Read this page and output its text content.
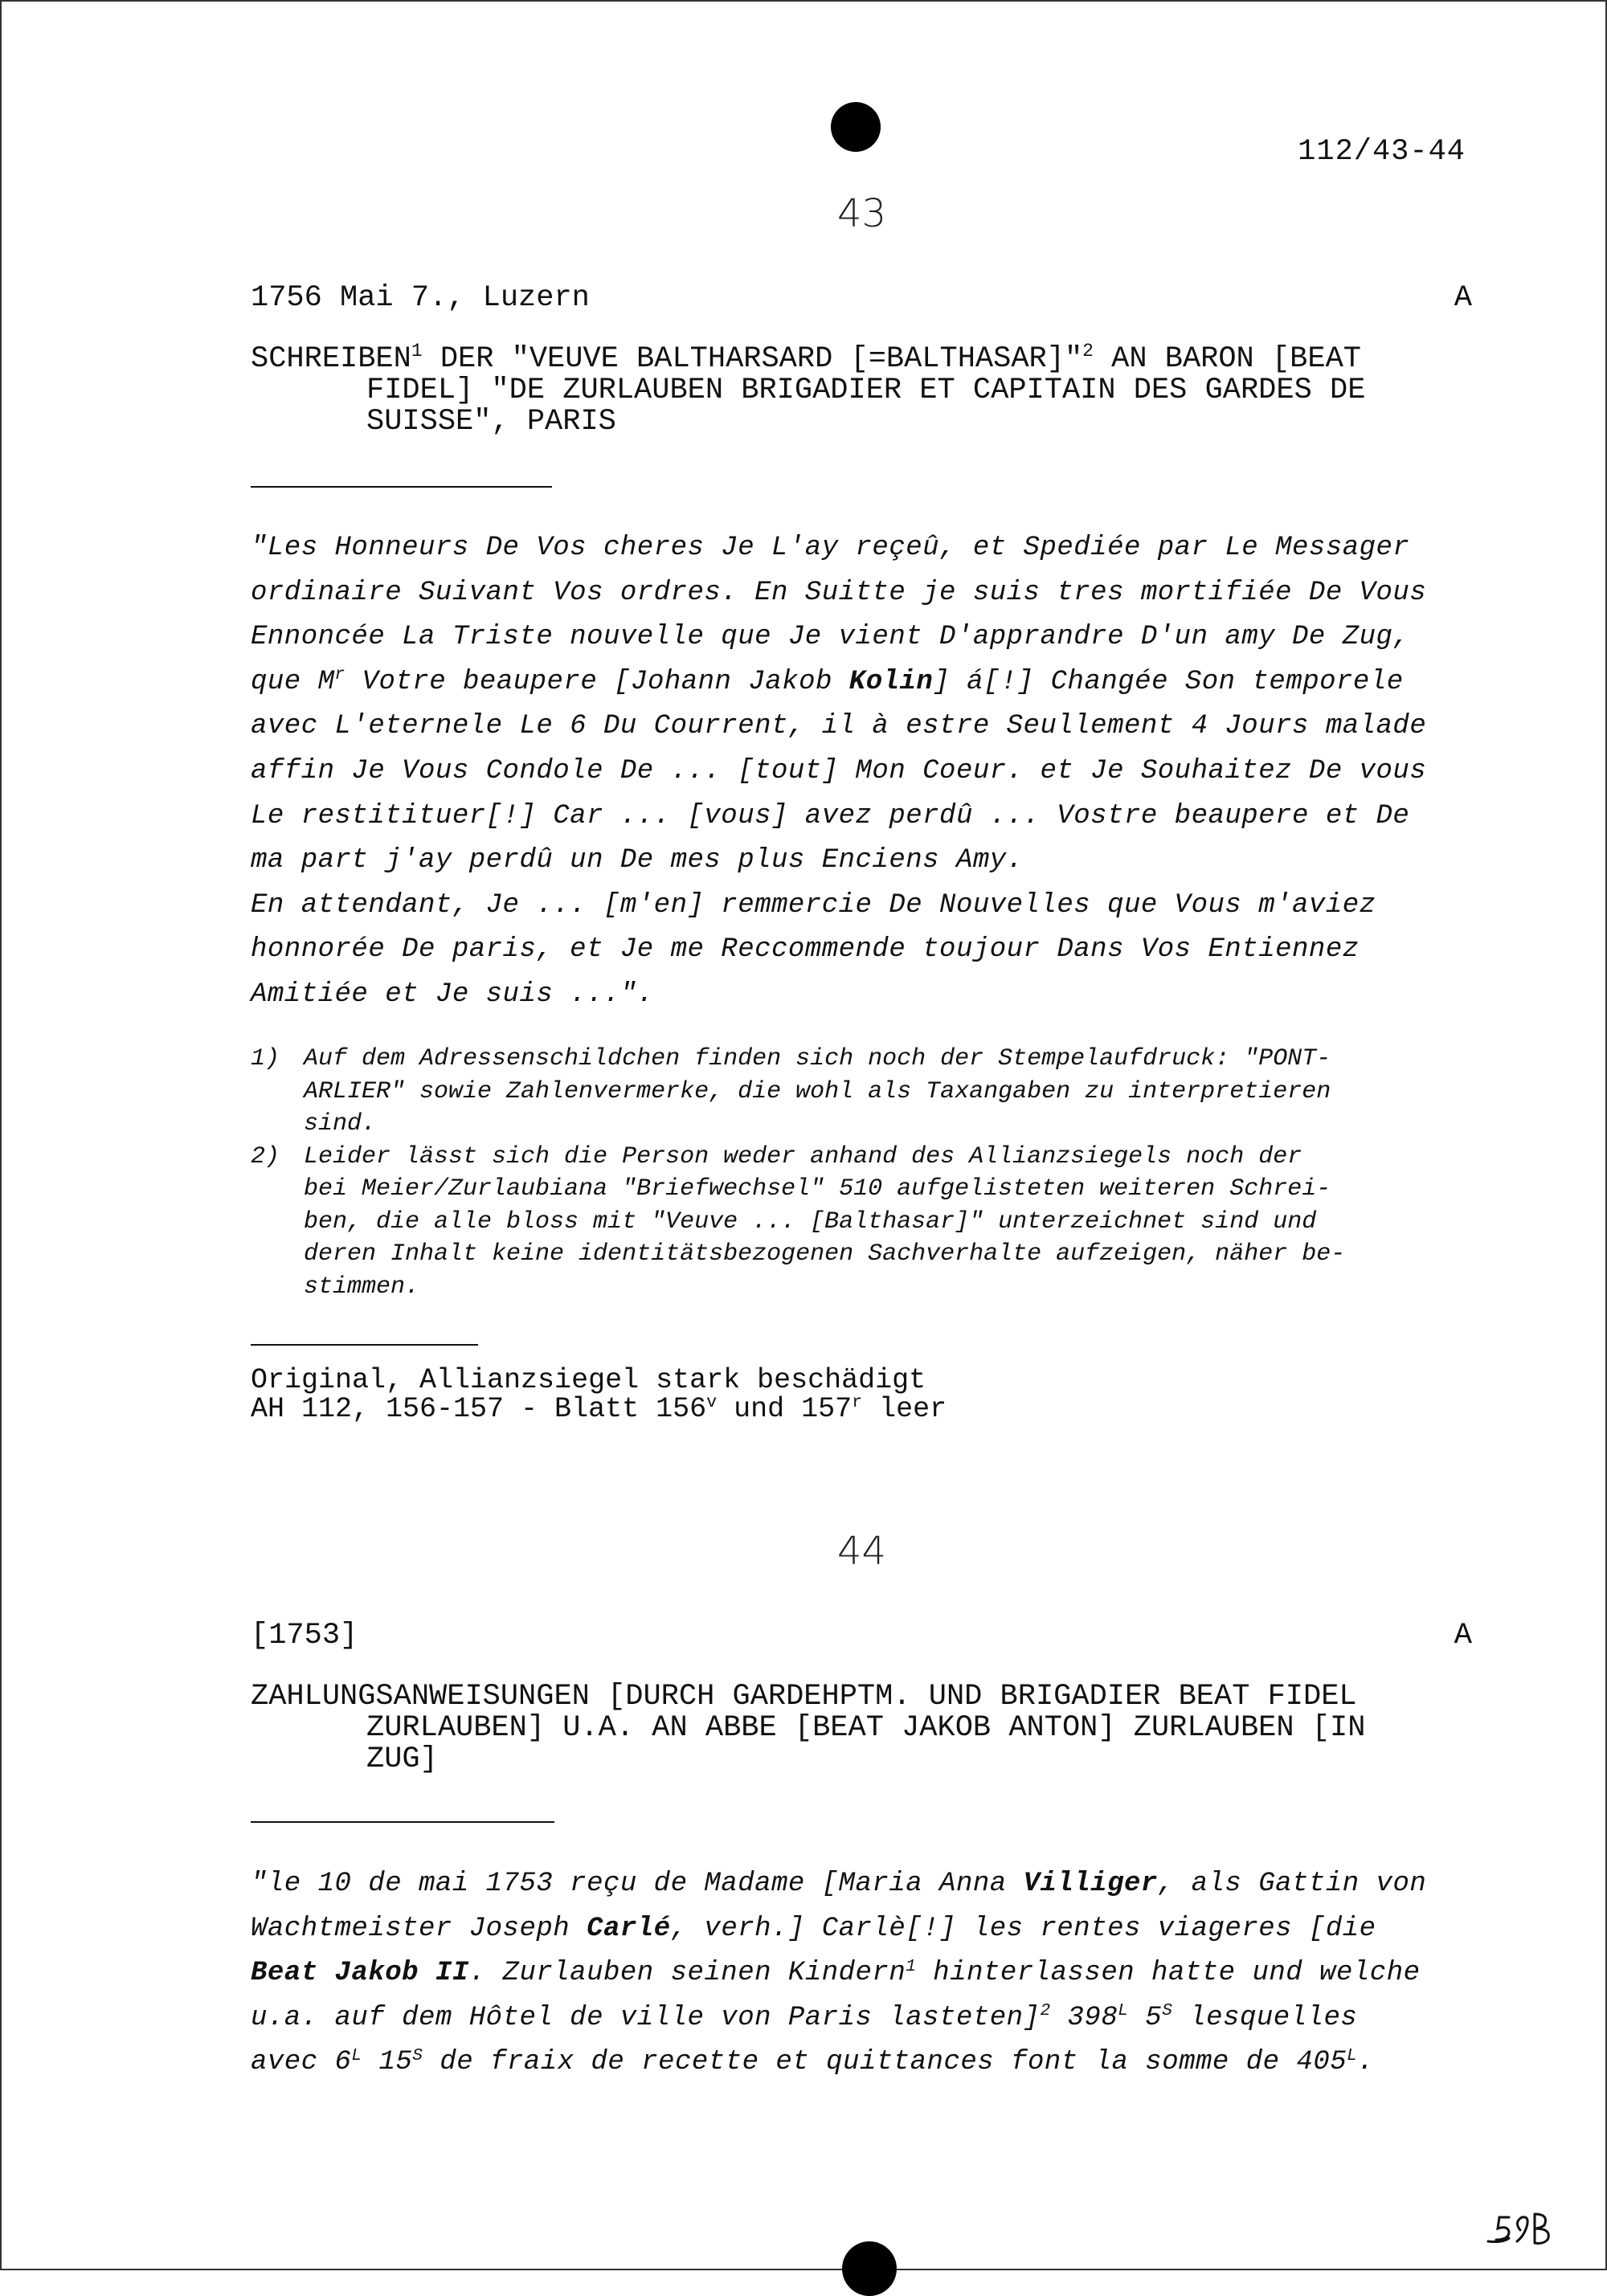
112/43-44
43
1756 Mai 7., Luzern	A
SCHREIBEN$^1$ DER "VEUVE BALTHARSARD [=BALTHASAR]"$^2$ AN BARON [BEAT
FIDEL] "DE ZURLAUBEN BRIGADIER ET CAPITAIN DES GARDES DE
SUISSE", PARIS
"Les Honneurs De Vos cheres Je L'ay reçeû, et Spediée par Le Messager
ordinaire Suivant Vos ordres. En Suitte je suis tres mortifiée De Vous
Ennoncée La Triste nouvelle que Je vient D'apprandre D'un amy De Zug,
que $M^r$ Votre beaupere [Johann Jakob Kolin] á[!] Changée Son temporele
avec L'eternele Le 6 Du Courrent, il à estre Seullement 4 Jours malade
affin Je Vous Condole De ... [tout] Mon Coeur. et Je Souhaitez De vous
Le restitituer[!] Car ... [vous] avez perdû ... Vostre beaupere et De
ma part j'ay perdû un De mes plus Enciens Amy.
En attendant, Je ... [m'en] remmercie De Nouvelles que Vous m'aviez
honnorée De paris, et Je me Reccommende toujour Dans Vos Entiennez
Amitiée et Je suis ...".
1) Auf dem Adressenschildchen finden sich noch der Stempelaufdruck: "PONT-
ARLIER" sowie Zahlenvermerke, die wohl als Taxangaben zu interpretieren
sind.
2) Leider lässt sich die Person weder anhand des Allianzsiegels noch der
bei Meier/Zurlaubiana "Briefwechsel" 510 aufgelisteten weiteren Schrei-
ben, die alle bloss mit "Veuve ... [Balthasar]" unterzeichnet sind und
deren Inhalt keine identitätsbezogenen Sachverhalte aufzeigen, näher be-
stimmen.
Original, Allianzsiegel stark beschädigt
AH 112, 156-157 - Blatt 156$^v$ und 157$^r$ leer
44
[1753]	A
ZAHLUNGSANWEISUNGEN [DURCH GARDEHPTM. UND BRIGADIER BEAT FIDEL
ZURLAUBEN] U.A. AN ABBE [BEAT JAKOB ANTON] ZURLAUBEN [IN
ZUG]
"le 10 de mai 1753 reçu de Madame [Maria Anna Villiger, als Gattin von
Wachtmeister Joseph Carlé, verh.] Carlè[!] les rentes viageres [die
Beat Jakob II. Zurlauben seinen Kindern$^1$ hinterlassen hatte und welche
u.a. auf dem Hôtel de ville von Paris lasteten]$^2$ $398^L$ $5^S$ lesquelles
avec $6^L$ $15^S$ de fraix de recette et quittances font la somme de $405^L$.
